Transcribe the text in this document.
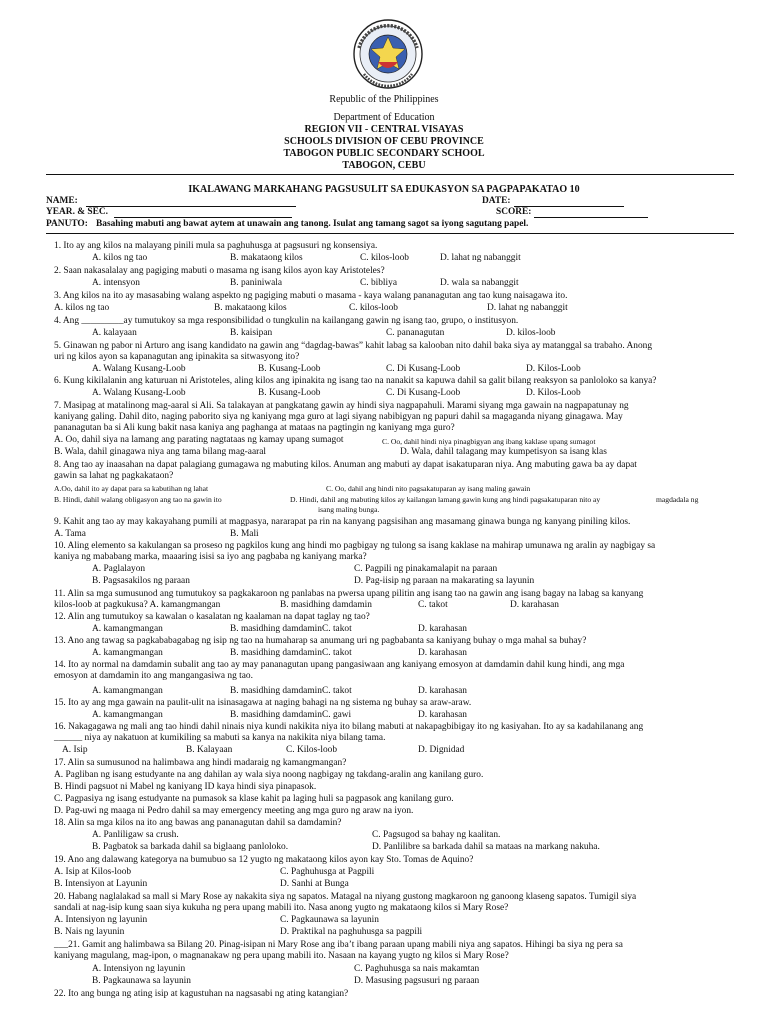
Republic of the Philippines
Department of Education
REGION VII - CENTRAL VISAYAS
SCHOOLS DIVISION OF CEBU PROVINCE
TABOGON PUBLIC SECONDARY SCHOOL
TABOGON, CEBU
IKALAWANG MARKAHANG PAGSUSULIT SA EDUKASYON SA PAGPAPAKATAO 10
NAME:	DATE:
YEAR. & SEC.	SCORE:
PANUTO: Basahing mabuti ang bawat aytem at unawain ang tanong. Isulat ang tamang sagot sa iyong sagutang papel.
1. Ito ay ang kilos na malayang pinili mula sa paghuhusga at pagsusuri ng konsensiya.
A. kilos ng tao	B. makataong kilos	C. kilos-loob	D. lahat ng nabanggit
2. Saan nakasalalay ang pagiging mabuti o masama ng isang kilos ayon kay Aristoteles?
A. intensyon	B. paniniwala	C. bibliya	D. wala sa nabanggit
3. Ang kilos na ito ay masasabing walang aspekto ng pagiging mabuti o masama - kaya walang pananagutan ang tao kung naisagawa ito.
A. kilos ng tao	B. makataong kilos	C. kilos-loob	D. lahat ng nabanggit
4. Ang _________ay tumutukoy sa mga responsibilidad o tungkulin na kailangang gawin ng isang tao, grupo, o institusyon.
A. kalayaan	B. kaisipan	C. pananagutan	D. kilos-loob
5. Ginawan ng pabor ni Arturo ang isang kandidato na gawin ang “dagdag-bawas” kahit labag sa kalooban nito dahil baka siya ay matanggal sa trabaho. Anong
uri ng kilos ayon sa kapanagutan ang ipinakita sa sitwasyong ito?
A. Walang Kusang-Loob	B. Kusang-Loob	C. Di Kusang-Loob	D. Kilos-Loob
6. Kung kikilalanin ang katuruan ni Aristoteles, aling kilos ang ipinakita ng isang tao na nanakit sa kapuwa dahil sa galit bilang reaksyon sa panloloko sa kanya?
A. Walang Kusang-Loob	B. Kusang-Loob	C. Di Kusang-Loob	D. Kilos-Loob
7. Masipag at matalinong mag-aaral si Ali. Sa talakayan at pangkatang gawin ay hindi siya nagpapahuli. Marami siyang mga gawain na nagpapatunay ng
kaniyang galing. Dahil dito, naging paborito siya ng kaniyang mga guro at lagi siyang nabibigyan ng papuri dahil sa magaganda niyang ginagawa. May
pananagutan ba si Ali kung bakit nasa kaniya ang paghanga at mataas na pagtingin ng kaniyang mga guro?
A. Oo, dahil siya na lamang ang parating nagtataas ng kamay upang sumagot	C. Oo, dahil hindi niya pinagbigyan ang ibang kaklase upang sumagot
B. Wala, dahil ginagawa niya ang tama bilang mag-aaral	D. Wala, dahil talagang may kumpetisyon sa isang klas
8. Ang tao ay inaasahan na dapat palagiang gumagawa ng mabuting kilos. Anuman ang mabuti ay dapat isakatuparan niya. Ang mabuting gawa ba ay dapat
gawin sa lahat ng pagkakataon?
A.Oo, dahil ito ay dapat para sa kabutihan ng lahat	C. Oo, dahil ang hindi nito pagsakatuparan ay isang maling gawain
B. Hindi, dahil walang obligasyon ang tao na gawin ito	D. Hindi, dahil ang mabuting kilos ay kailangan lamang gawin kung ang hindi pagsakatuparan nito ay	magdadala ng
isang maling bunga.
9. Kahit ang tao ay may kakayahang pumili at magpasya, nararapat pa rin na kanyang pagsisihan ang masamang ginawa bunga ng kanyang piniling kilos.
A. Tama	B. Mali
10. Aling elemento sa kakulangan sa proseso ng pagkilos kung ang hindi mo pagbigay ng tulong sa isang kaklase na mahirap umunawa ng aralin ay nagbigay sa
kaniya ng mababang marka, maaaring isisi sa iyo ang pagbaba ng kaniyang marka?
A. Paglalayon	C. Pagpili ng pinakamalapit na paraan
B. Pagsasakilos ng paraan	D. Pag-iisip ng paraan na makarating sa layunin
11. Alin sa mga sumusunod ang tumutukoy sa pagkakaroon ng panlabas na pwersa upang pilitin ang isang tao na gawin ang isang bagay na labag sa kanyang
kilos-loob at pagkukusa? A. kamangmangan	B. masidhing damdamin	C. takot	D. karahasan
12. Alin ang tumutukoy sa kawalan o kasalatan ng kaalaman na dapat taglay ng tao?
A. kamangmangan	B. masidhing damdamin C. takot	D. karahasan
13. Ano ang tawag sa pagkababagabag ng isip ng tao na humaharap sa anumang uri ng pagbabanta sa kaniyang buhay o mga mahal sa buhay?
A. kamangmangan	B. masidhing damdamin C. takot	D. karahasan
14. Ito ay normal na damdamin subalit ang tao ay may pananagutan upang pangasiwaan ang kaniyang emosyon at damdamin dahil kung hindi, ang mga
emosyon at damdamin ito ang mangangasiwa ng tao.
A. kamangmangan	B. masidhing damdamin C. takot	D. karahasan
15. Ito ay ang mga gawain na paulit-ulit na isinasagawa at naging bahagi na ng sistema ng buhay sa araw-araw.
A. kamangmangan	B. masidhing damdamin C. gawi	D. karahasan
16. Nakagagawa ng mali ang tao hindi dahil ninais niya kundi nakikita niya ito bilang mabuti at nakapagbibigay ito ng kasiyahan. Ito ay sa kadahilanang ang
______ niya ay nakatuon at kumikiling sa mabuti sa kanya na nakikita niya bilang tama.
A. Isip	B. Kalayaan	C. Kilos-loob	D. Dignidad
17. Alin sa sumusunod na halimbawa ang hindi madaraig ng kamangmangan?
A. Pagliban ng isang estudyante na ang dahilan ay wala siya noong nagbigay ng takdang-aralin ang kanilang guro.
B. Hindi pagsuot ni Mabel ng kaniyang ID kaya hindi siya pinapasok.
C. Pagpasiya ng isang estudyante na pumasok sa klase kahit pa laging huli sa pagpasok ang kanilang guro.
D. Pag-uwi ng maaga ni Pedro dahil sa may emergency meeting ang mga guro ng araw na iyon.
18. Alin sa mga kilos na ito ang bawas ang pananagutan dahil sa damdamin?
A. Panliligaw sa crush.	C. Pagsugod sa bahay ng kaalitan.
B. Pagbatok sa barkada dahil sa biglaang panloloko.	D. Panlilibre sa barkada dahil sa mataas na markang nakuha.
19. Ano ang dalawang kategorya na bumubuo sa 12 yugto ng makataong kilos ayon kay Sto. Tomas de Aquino?
A. Isip at Kilos-loob	C. Paghuhusga at Pagpili
B. Intensiyon at Layunin	D. Sanhi at Bunga
20. Habang naglalakad sa mall si Mary Rose ay nakakita siya ng sapatos. Matagal na niyang gustong magkaroon ng ganoong klaseng sapatos. Tumigil siya
sandali at nag-isip kung saan siya kukuha ng pera upang mabili ito. Nasa anong yugto ng makataong kilos si Mary Rose?
A. Intensiyon ng layunin	C. Pagkaunawa sa layunin
B. Nais ng layunin	D. Praktikal na paghuhusga sa pagpili
___21. Gamit ang halimbawa sa Bilang 20. Pinag-isipan ni Mary Rose ang iba’t ibang paraan upang mabili niya ang sapatos. Hihingi ba siya ng pera sa
kaniyang magulang, mag-ipon, o magnanakaw ng pera upang mabili ito. Nasaan na kayang yugto ng kilos si Mary Rose?
A. Intensiyon ng layunin	C. Paghuhusga sa nais makamtan
B. Pagkaunawa sa layunin	D. Masusing pagsusuri ng paraan
22. Ito ang bunga ng ating isip at kagustuhan na nagsasabi ng ating katangian?
